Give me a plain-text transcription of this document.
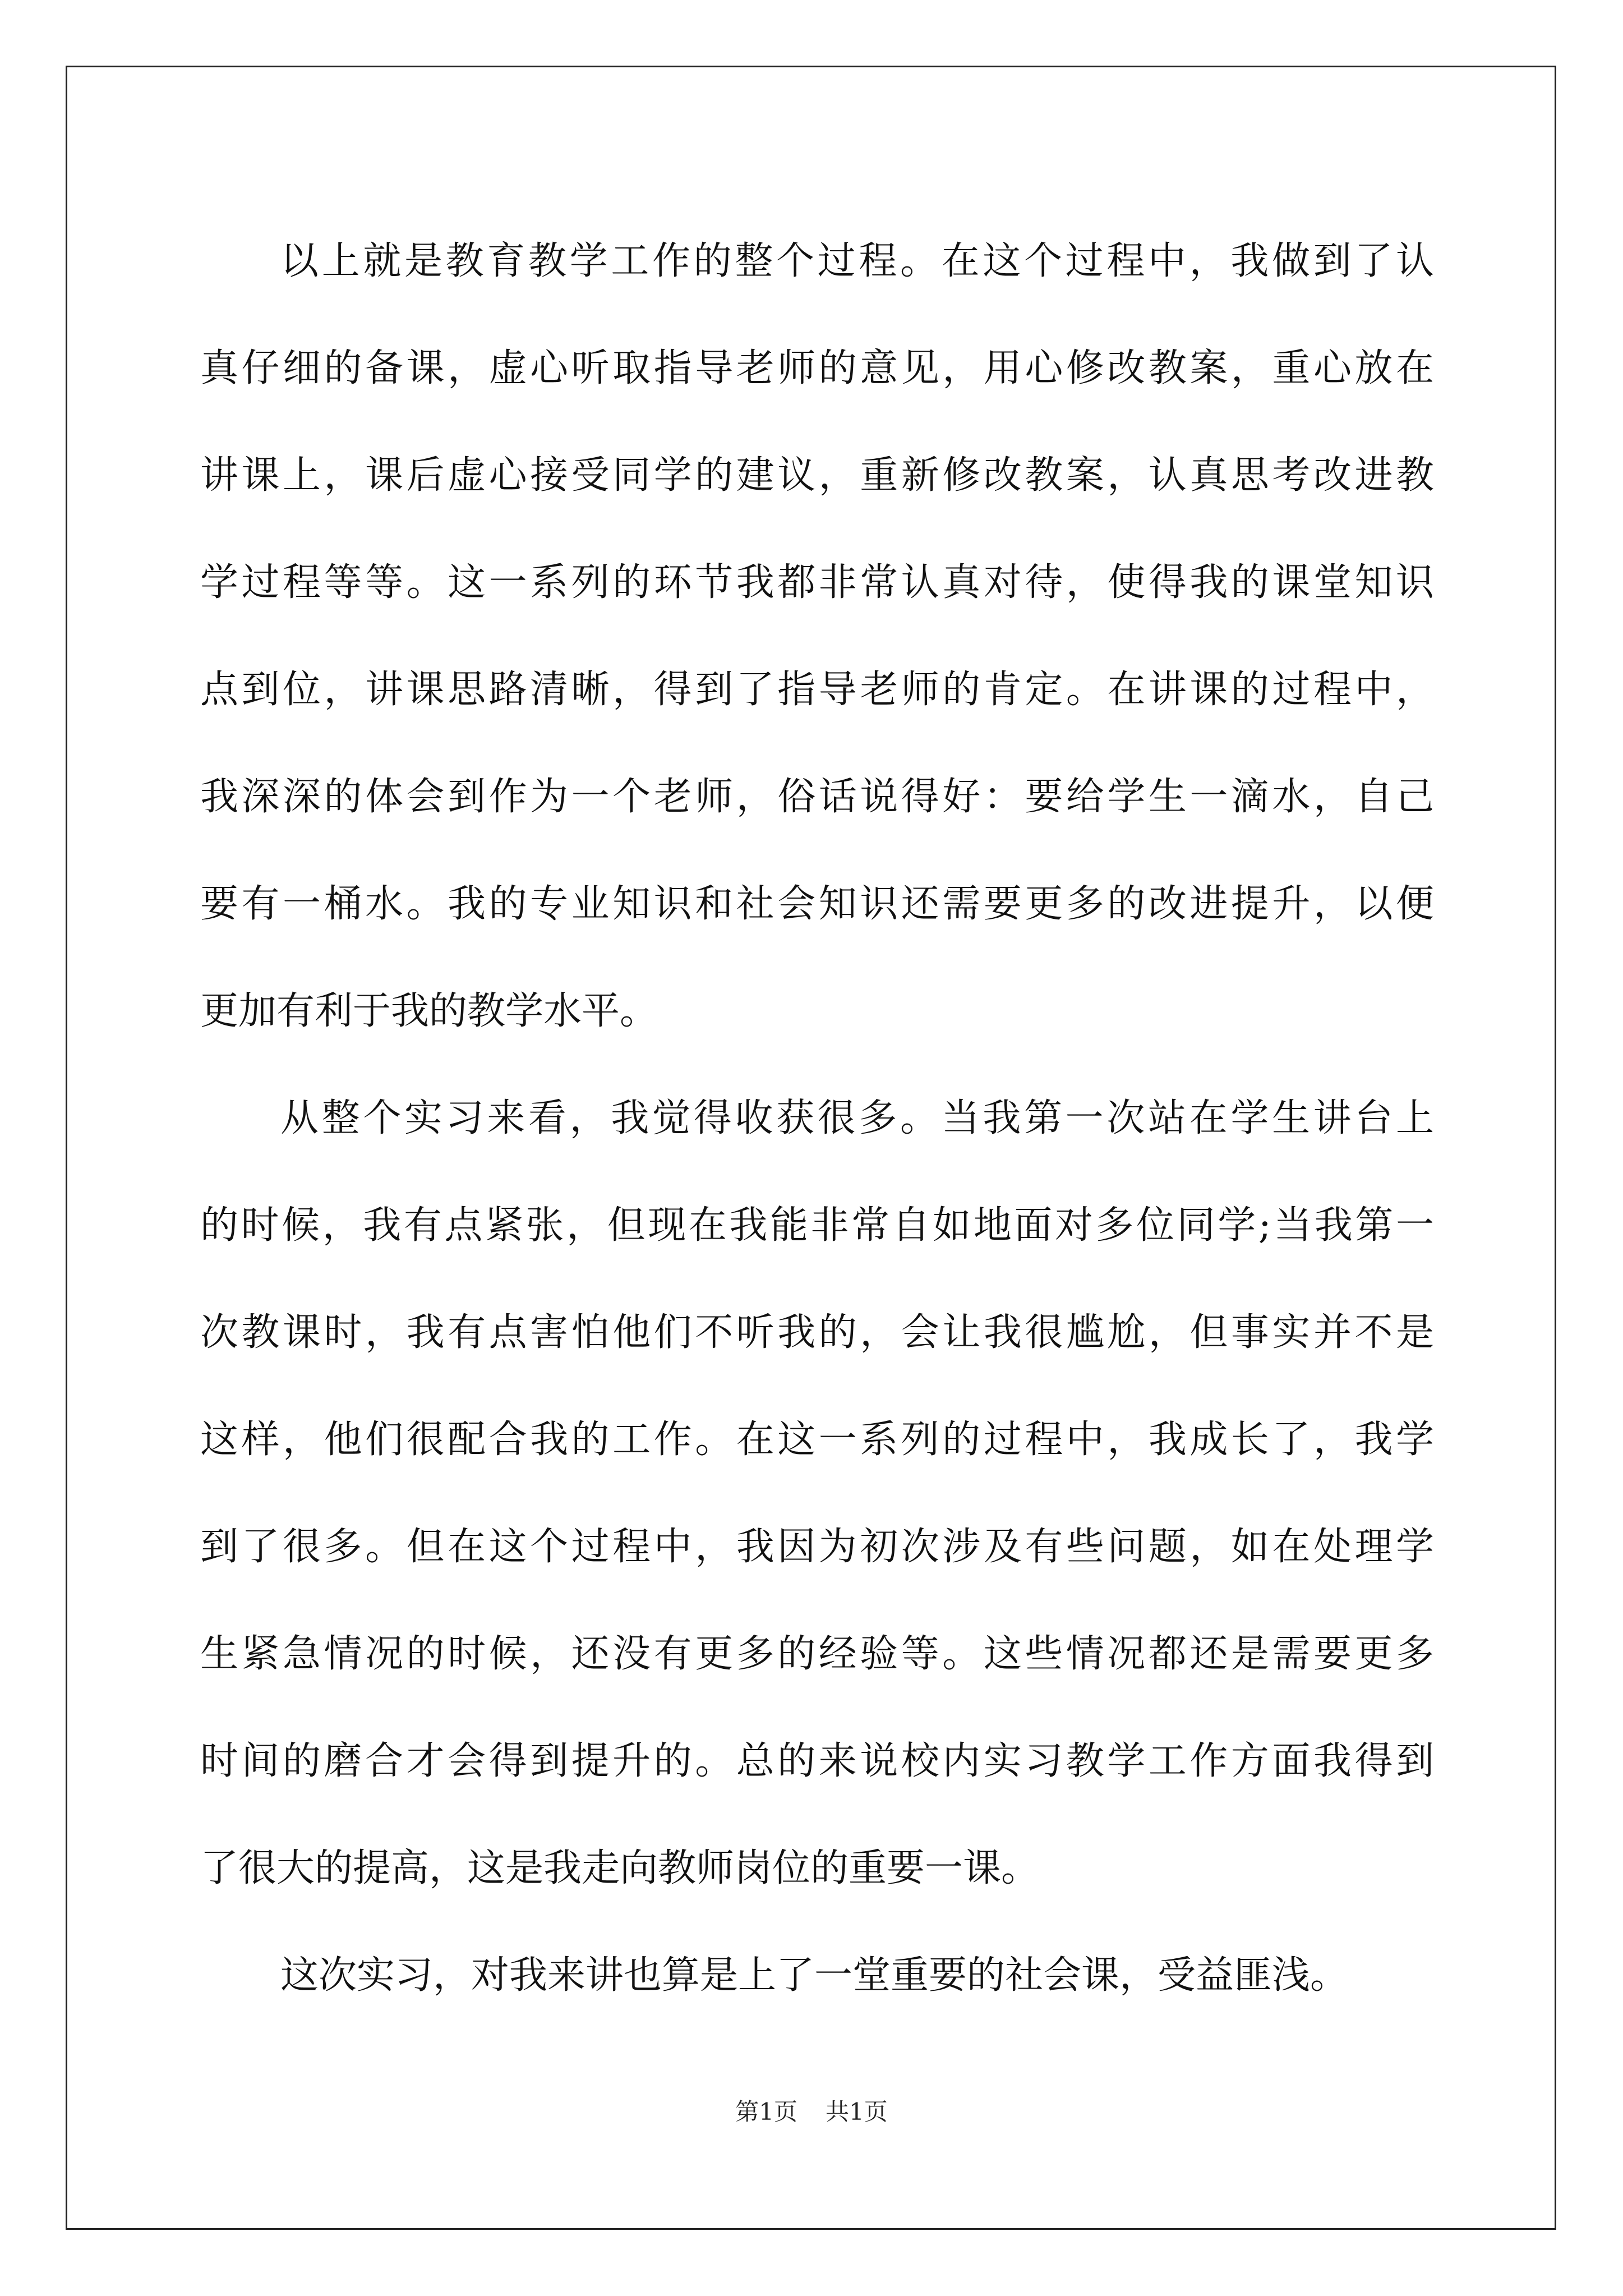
以上就是教育教学工作的整个过程。在这个过程中，我做到了认
真仔细的备课，虚心听取指导老师的意见，用心修改教案，重心放在
讲课上，课后虚心接受同学的建议，重新修改教案，认真思考改进教
学过程等等。这一系列的环节我都非常认真对待，使得我的课堂知识
点到位，讲课思路清晰，得到了指导老师的肯定。在讲课的过程中，
我深深的体会到作为一个老师，俗话说得好：要给学生一滴水，自己
要有一桶水。我的专业知识和社会知识还需要更多的改进提升，以便
更加有利于我的教学水平。
从整个实习来看，我觉得收获很多。当我第一次站在学生讲台上
的时候，我有点紧张，但现在我能非常自如地面对多位同学;当我第一
次教课时，我有点害怕他们不听我的，会让我很尴尬，但事实并不是
这样，他们很配合我的工作。在这一系列的过程中，我成长了，我学
到了很多。但在这个过程中，我因为初次涉及有些问题，如在处理学
生紧急情况的时候，还没有更多的经验等。这些情况都还是需要更多
时间的磨合才会得到提升的。总的来说校内实习教学工作方面我得到
了很大的提高，这是我走向教师岗位的重要一课。
这次实习，对我来讲也算是上了一堂重要的社会课，受益匪浅。
第1页 共1页
